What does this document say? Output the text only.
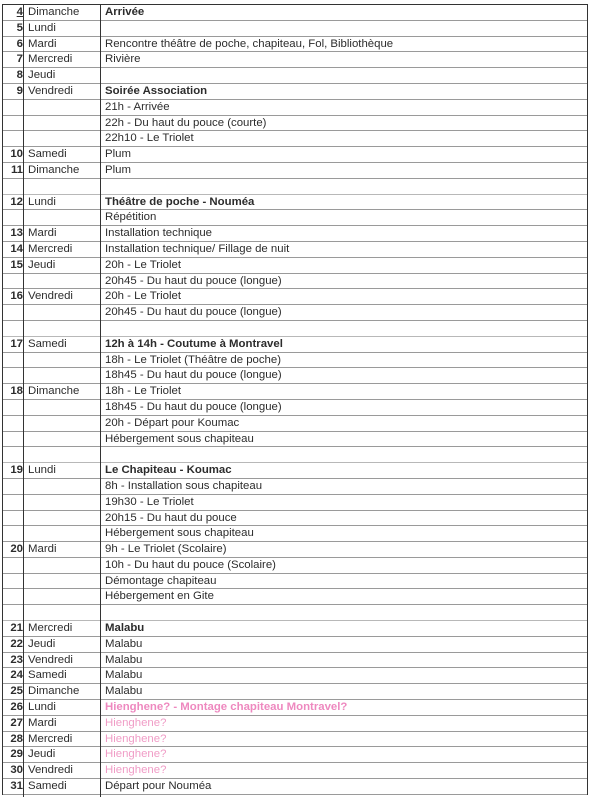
4 Dimanche	Arrivée
5 Lundi
6 Mardi	Rencontre théâtre de poche, chapiteau, Fol, Bibliothèque
7 Mercredi	Rivière
8 Jeudi
9 Vendredi	Soirée Association
21h - Arrivée
22h - Du haut du pouce (courte)
22h10 - Le Triolet
10 Samedi	Plum
11 Dimanche	Plum
12 Lundi	Théâtre de poche - Nouméa
Répétition
13 Mardi	Installation technique
14 Mercredi	Installation technique/ Fillage de nuit
15 Jeudi	20h - Le Triolet
20h45 - Du haut du pouce (longue)
16 Vendredi	20h - Le Triolet
20h45 - Du haut du pouce (longue)
17 Samedi	12h à 14h - Coutume à Montravel
18h - Le Triolet (Théâtre de poche)
18h45 - Du haut du pouce (longue)
18 Dimanche	18h - Le Triolet
18h45 - Du haut du pouce (longue)
20h - Départ pour Koumac
Hébergement sous chapiteau
19 Lundi	Le Chapiteau - Koumac
8h - Installation sous chapiteau
19h30 - Le Triolet
20h15 - Du haut du pouce
Hébergement sous chapiteau
20 Mardi	9h - Le Triolet (Scolaire)
10h - Du haut du pouce (Scolaire)
Démontage chapiteau
Hébergement en Gite
21 Mercredi	Malabu
22 Jeudi	Malabu
23 Vendredi	Malabu
24 Samedi	Malabu
25 Dimanche	Malabu
26 Lundi	Hienghene? - Montage chapiteau Montravel?
27 Mardi	Hienghene?
28 Mercredi	Hienghene?
29 Jeudi	Hienghene?
30 Vendredi	Hienghene?
31 Samedi	Départ pour Nouméa
